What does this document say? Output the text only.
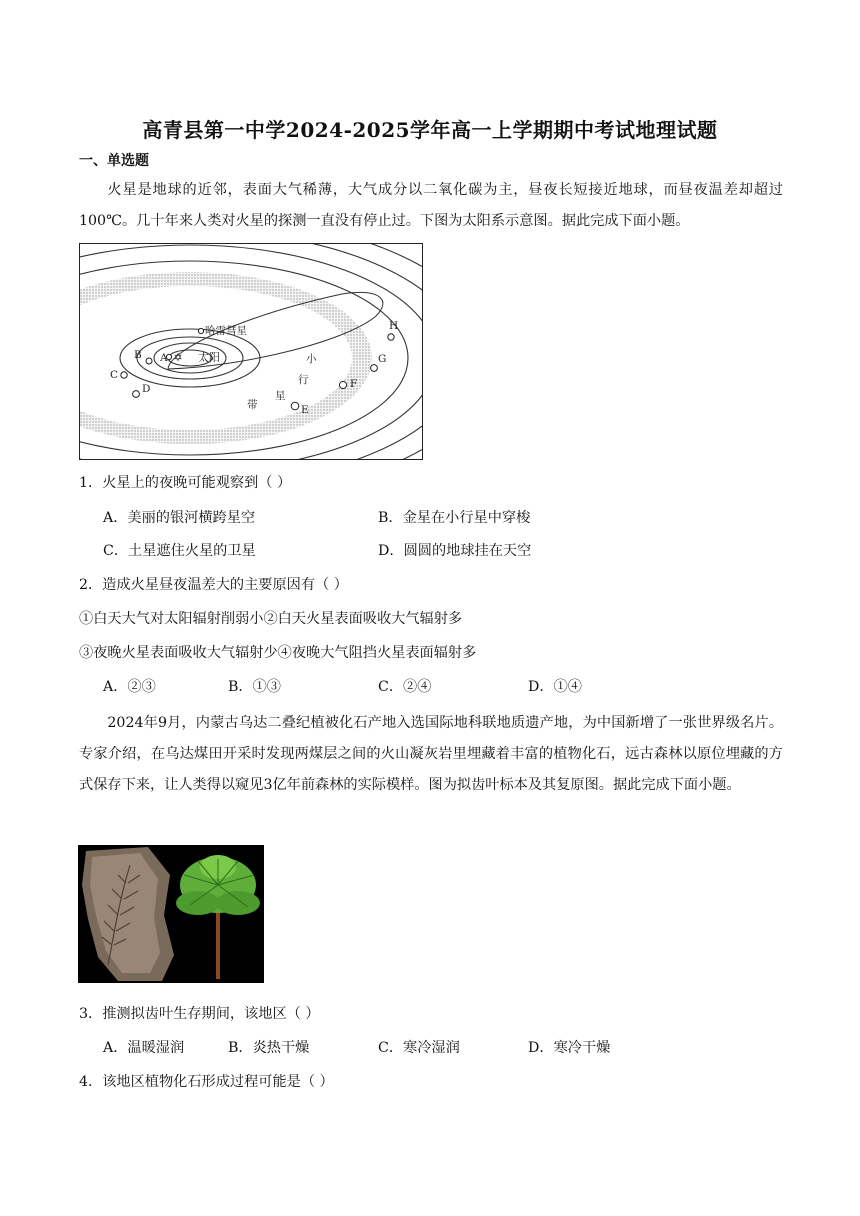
高青县第一中学2024-2025学年高一上学期期中考试地理试题
一、单选题
火星是地球的近邻，表面大气稀薄，大气成分以二氧化碳为主，昼夜长短接近地球，而昼夜温差却超过100℃。几十年来人类对火星的探测一直没有停止过。下图为太阳系示意图。据此完成下面小题。
✡ 太阳
A
B
C
D
E
F
G
H
哈雷彗星
小
行
星
带
1．火星上的夜晚可能观察到（ ）
A．美丽的银河横跨星空	B．金星在小行星中穿梭
C．土星遮住火星的卫星	D．圆圆的地球挂在天空
2．造成火星昼夜温差大的主要原因有（ ）
①白天大气对太阳辐射削弱小②白天火星表面吸收大气辐射多
③夜晚火星表面吸收大气辐射少④夜晚大气阻挡火星表面辐射多
A．②③	B．①③	C．②④	D．①④
2024年9月，内蒙古乌达二叠纪植被化石产地入选国际地科联地质遗产地，为中国新增了一张世界级名片。专家介绍，在乌达煤田开采时发现两煤层之间的火山凝灰岩里埋藏着丰富的植物化石，远古森林以原位埋藏的方式保存下来，让人类得以窥见3亿年前森林的实际模样。图为拟齿叶标本及其复原图。据此完成下面小题。
3．推测拟齿叶生存期间，该地区（ ）
A．温暖湿润	B．炎热干燥	C．寒冷湿润	D．寒冷干燥
4．该地区植物化石形成过程可能是（ ）
